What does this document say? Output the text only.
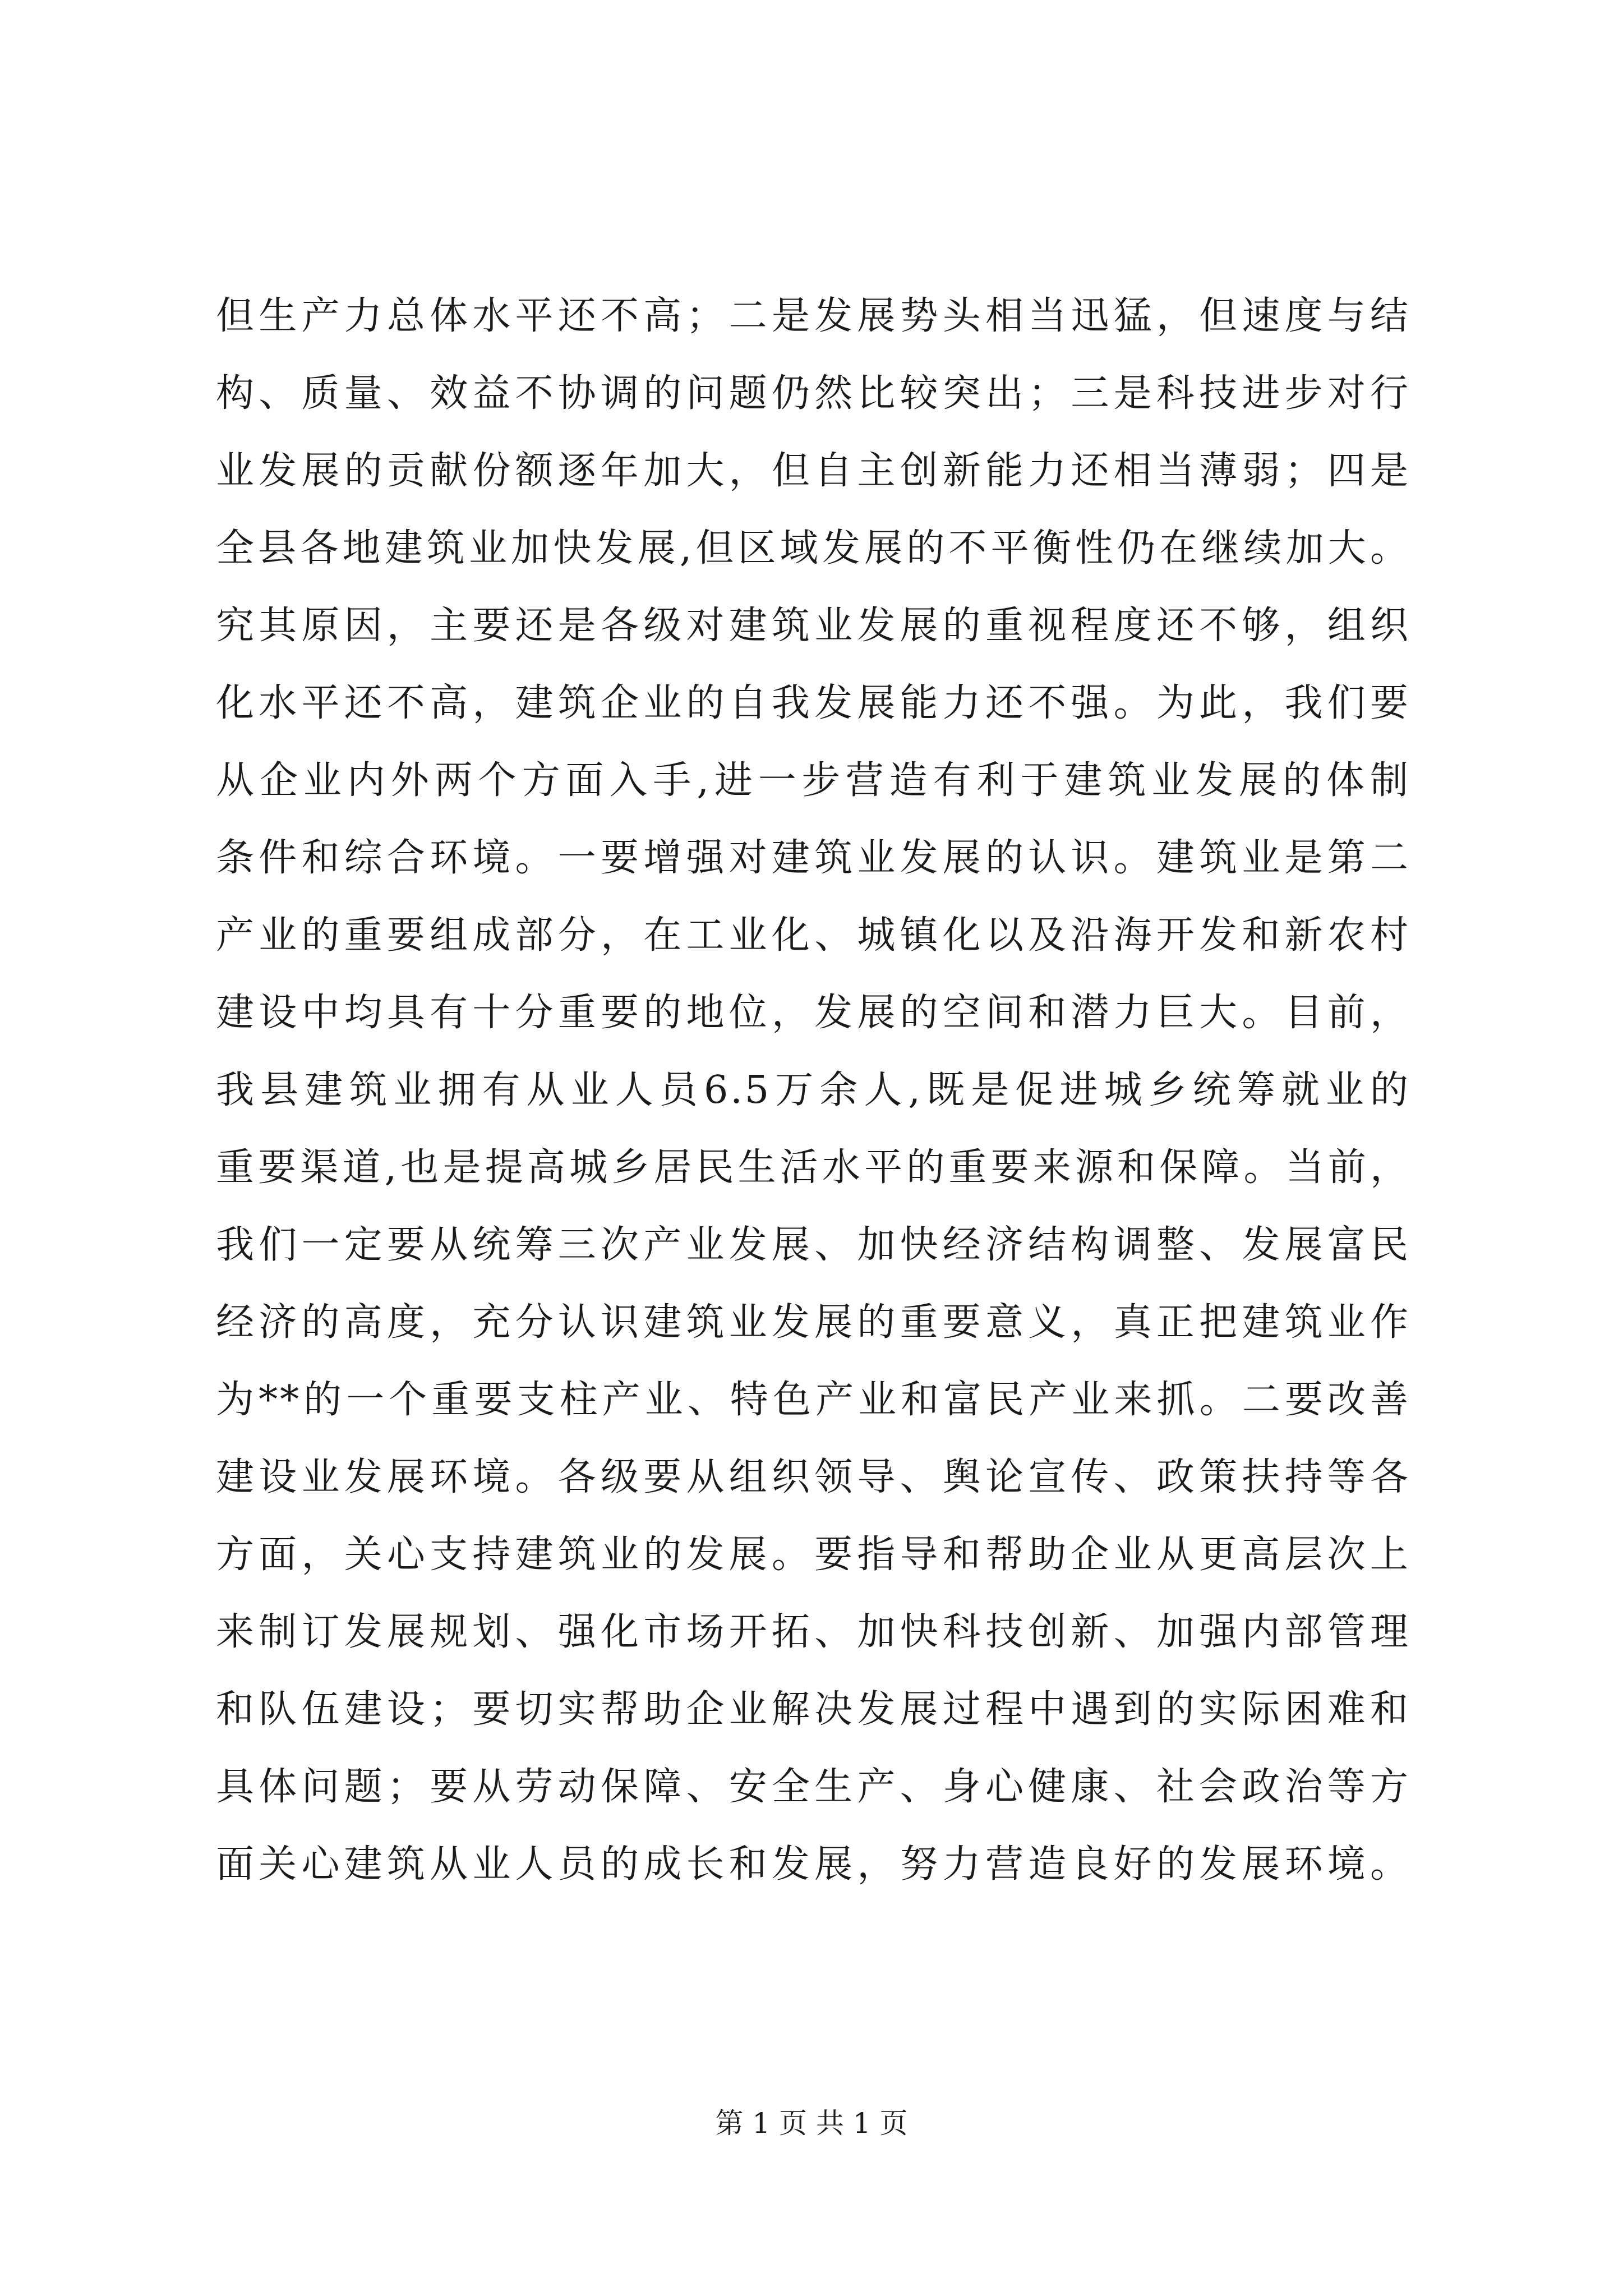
但生产力总体水平还不高；二是发展势头相当迅猛，但速度与结
构、质量、效益不协调的问题仍然比较突出；三是科技进步对行
业发展的贡献份额逐年加大，但自主创新能力还相当薄弱；四是
全县各地建筑业加快发展,但区域发展的不平衡性仍在继续加大。
究其原因，主要还是各级对建筑业发展的重视程度还不够，组织
化水平还不高，建筑企业的自我发展能力还不强。为此，我们要
从企业内外两个方面入手,进一步营造有利于建筑业发展的体制
条件和综合环境。一要增强对建筑业发展的认识。建筑业是第二
产业的重要组成部分，在工业化、城镇化以及沿海开发和新农村
建设中均具有十分重要的地位，发展的空间和潜力巨大。目前，
我县建筑业拥有从业人员6.5万余人,既是促进城乡统筹就业的
重要渠道,也是提高城乡居民生活水平的重要来源和保障。当前，
我们一定要从统筹三次产业发展、加快经济结构调整、发展富民
经济的高度，充分认识建筑业发展的重要意义，真正把建筑业作
为**的一个重要支柱产业、特色产业和富民产业来抓。二要改善
建设业发展环境。各级要从组织领导、舆论宣传、政策扶持等各
方面，关心支持建筑业的发展。要指导和帮助企业从更高层次上
来制订发展规划、强化市场开拓、加快科技创新、加强内部管理
和队伍建设；要切实帮助企业解决发展过程中遇到的实际困难和
具体问题；要从劳动保障、安全生产、身心健康、社会政治等方
面关心建筑从业人员的成长和发展，努力营造良好的发展环境。
第 1 页 共 1 页
